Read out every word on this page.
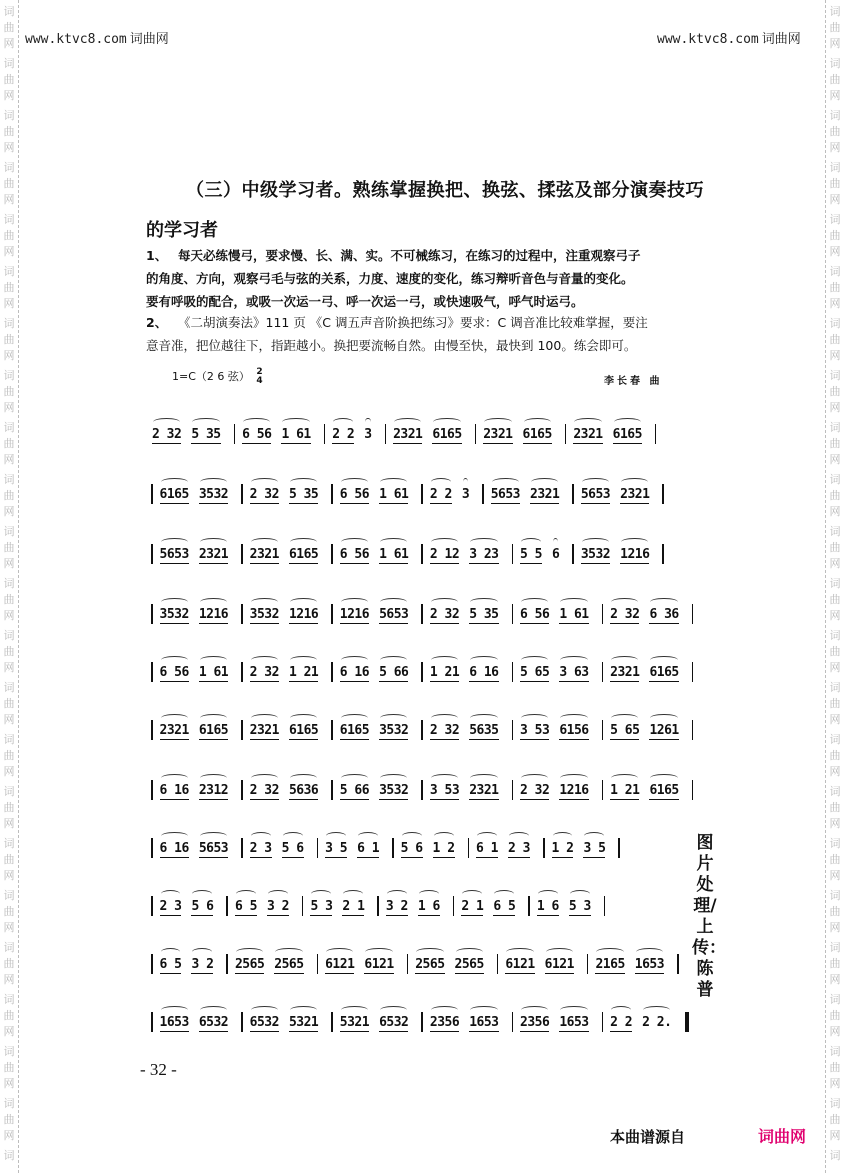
词
曲
网
词
曲
网
词
曲
网
词
曲
网
词
曲
网
词
曲
网
词
曲
网
词
曲
网
词
曲
网
词
曲
网
词
曲
网
词
曲
网
词
曲
网
词
曲
网
词
曲
网
词
曲
网
词
曲
网
词
曲
网
词
曲
网
词
曲
网
词
曲
网
词
曲
网
词
词
曲
网
词
曲
网
词
曲
网
词
曲
网
词
曲
网
词
曲
网
词
曲
网
词
曲
网
词
曲
网
词
曲
网
词
曲
网
词
曲
网
词
曲
网
词
曲
网
词
曲
网
词
曲
网
词
曲
网
词
曲
网
词
曲
网
词
曲
网
词
曲
网
词
曲
网
词
www.ktvc8.com 词曲网	www.ktvc8.com 词曲网
（三）中级学习者。熟练掌握换把、换弦、揉弦及部分演奏技巧
的学习者
1、 每天必练慢弓，要求慢、长、满、实。不可械练习，在练习的过程中，注重观察弓子
的角度、方向，观察弓毛与弦的关系，力度、速度的变化，练习辩听音色与音量的变化。
要有呼吸的配合，或吸一次运一弓、呼一次运一弓，或快速吸气，呼气时运弓。
2、 《二胡演奏法》111 页 《C 调五声音阶换把练习》要求：C 调音准比较难掌握，要注
意音准，把位越往下，指距越小。换把要流畅自然。由慢至快，最快到 100。练会即可。
1=C（2 6 弦） 2
4	李长春 曲
2 32 5 35 6 56 1 61 2 2 3 2321 6165 2321 6165 2321 6165
6165 3532 2 32 5 35 6 56 1 61 2 2 3 5653 2321 5653 2321
5653 2321 2321 6165 6 56 1 61 2 12 3 23 5 5 6 3532 1216
3532 1216 3532 1216 1216 5653 2 32 5 35 6 56 1 61 2 32 6 36
6 56 1 61 2 32 1 21 6 16 5 66 1 21 6 16 5 65 3 63 2321 6165
2321 6165 2321 6165 6165 3532 2 32 5635 3 53 6156 5 65 1261
6 16 2312 2 32 5636 5 66 3532 3 53 2321 2 32 1216 1 21 6165
6 16 5653 2 3 5 6 3 5 6 1 5 6 1 2 6 1 2 3 1 2 3 5
2 3 5 6 6 5 3 2 5 3 2 1 3 2 1 6 2 1 6 5 1 6 5 3
6 5 3 2 2565 2565 6121 6121 2565 2565 6121 6121 2165 1653
1653 6532 6532 5321 5321 6532 2356 1653 2356 1653 2 2 2 2.
图片处理/上传：陈普
- 32 -
本曲谱源自	词曲网
